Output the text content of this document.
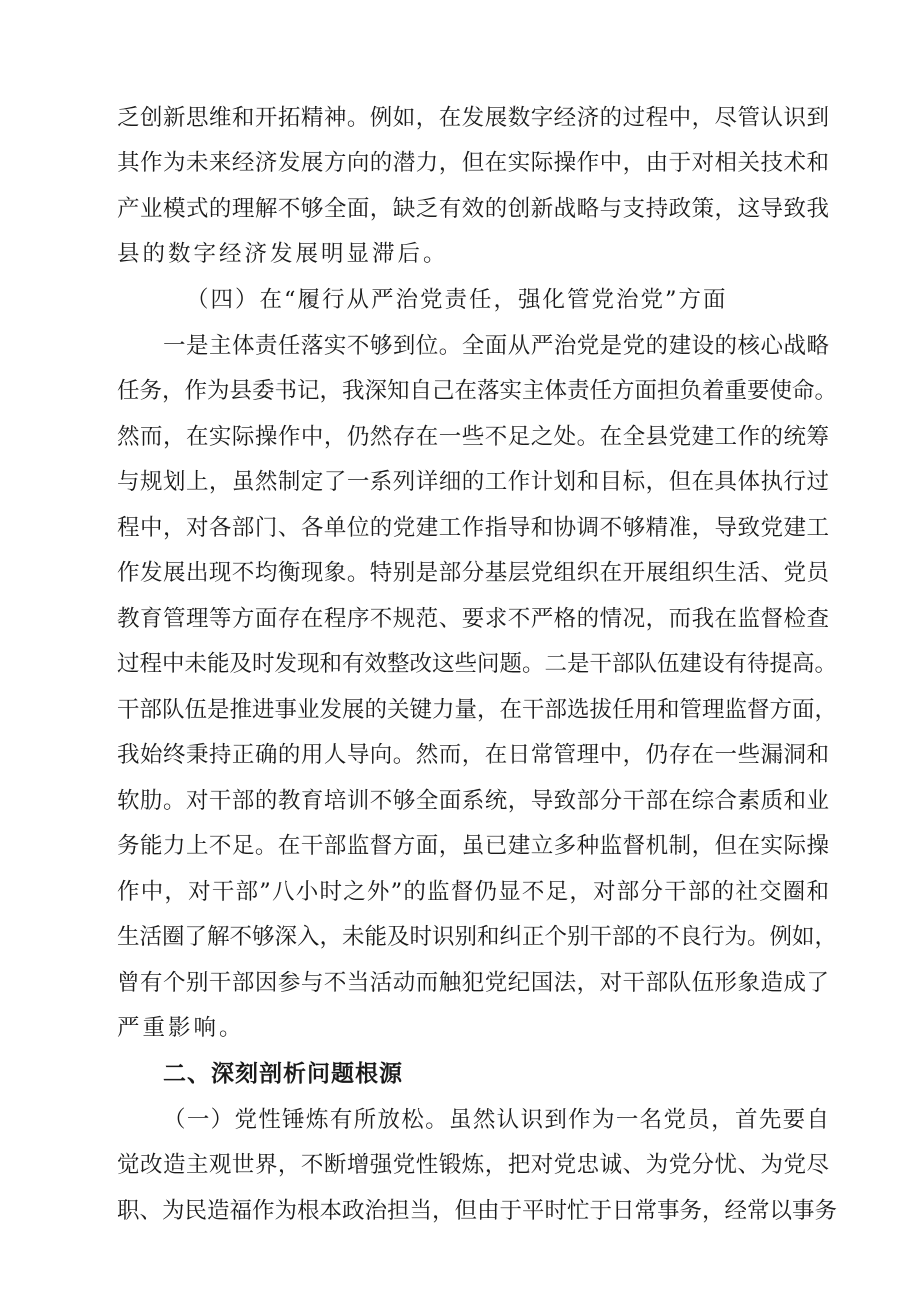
乏创新思维和开拓精神。例如，在发展数字经济的过程中，尽管认识到
其作为未来经济发展方向的潜力，但在实际操作中，由于对相关技术和
产业模式的理解不够全面，缺乏有效的创新战略与支持政策，这导致我
县的数字经济发展明显滞后。
（四）在“履行从严治党责任，强化管党治党”方面
一是主体责任落实不够到位。全面从严治党是党的建设的核心战略
任务，作为县委书记，我深知自己在落实主体责任方面担负着重要使命。
然而，在实际操作中，仍然存在一些不足之处。在全县党建工作的统筹
与规划上，虽然制定了一系列详细的工作计划和目标，但在具体执行过
程中，对各部门、各单位的党建工作指导和协调不够精准，导致党建工
作发展出现不均衡现象。特别是部分基层党组织在开展组织生活、党员
教育管理等方面存在程序不规范、要求不严格的情况，而我在监督检查
过程中未能及时发现和有效整改这些问题。二是干部队伍建设有待提高。
干部队伍是推进事业发展的关键力量，在干部选拔任用和管理监督方面，
我始终秉持正确的用人导向。然而，在日常管理中，仍存在一些漏洞和
软肋。对干部的教育培训不够全面系统，导致部分干部在综合素质和业
务能力上不足。在干部监督方面，虽已建立多种监督机制，但在实际操
作中，对干部”八小时之外”的监督仍显不足，对部分干部的社交圈和
生活圈了解不够深入，未能及时识别和纠正个别干部的不良行为。例如，
曾有个别干部因参与不当活动而触犯党纪国法，对干部队伍形象造成了
严重影响。
二、深刻剖析问题根源
（一）党性锤炼有所放松。虽然认识到作为一名党员，首先要自
觉改造主观世界，不断增强党性锻炼，把对党忠诚、为党分忧、为党尽
职、为民造福作为根本政治担当，但由于平时忙于日常事务，经常以事务
